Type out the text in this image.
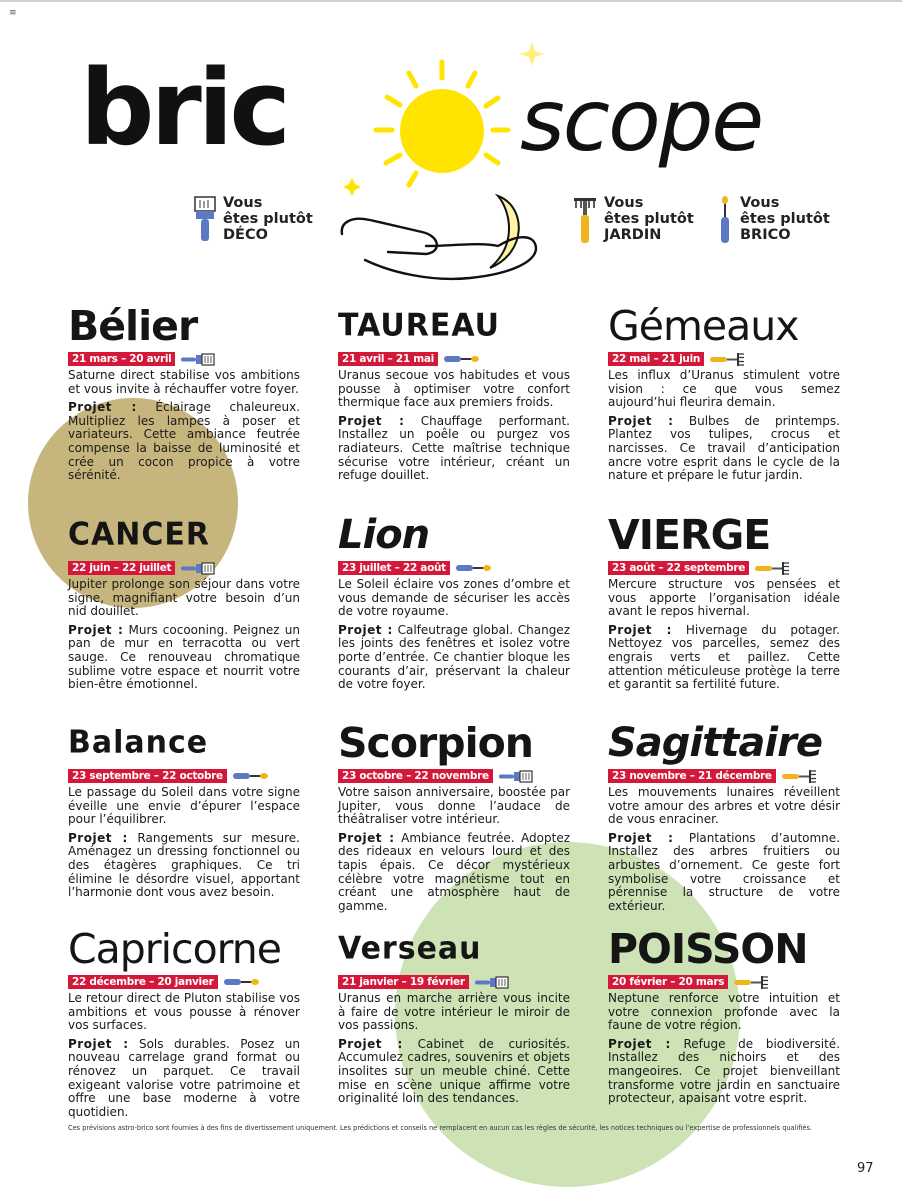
≡
bric	scope
Vous
êtes plutôt
DÉCO
Vous
êtes plutôt
JARDIN
Vous
êtes plutôt
BRICO
Bélier
21 mars – 20 avril

Saturne direct stabilise vos ambitions et vous invite à réchauffer votre foyer.

Projet : Éclairage chaleureux. Multipliez les lampes à poser et variateurs. Cette ambiance feutrée compense la baisse de luminosité et crée un cocon propice à votre sérénité.

TAUREAU
21 avril – 21 mai

Uranus secoue vos habitudes et vous pousse à optimiser votre confort thermique face aux premiers froids.

Projet : Chauffage performant. Installez un poêle ou purgez vos radiateurs. Cette maîtrise technique sécurise votre intérieur, créant un refuge douillet.

Gémeaux
22 mai – 21 juin

Les influx d’Uranus stimulent votre vision : ce que vous semez aujourd’hui fleurira demain.

Projet : Bulbes de printemps. Plantez vos tulipes, crocus et narcisses. Ce travail d’anticipation ancre votre esprit dans le cycle de la nature et prépare le futur jardin.

CANCER
22 juin – 22 juillet

Jupiter prolonge son séjour dans votre signe, magnifiant votre besoin d’un nid douillet.

Projet : Murs cocooning. Peignez un pan de mur en terracotta ou vert sauge. Ce renouveau chromatique sublime votre espace et nourrit votre bien-être émotionnel.

Lion
23 juillet – 22 août

Le Soleil éclaire vos zones d’ombre et vous demande de sécuriser les accès de votre royaume.

Projet : Calfeutrage global. Changez les joints des fenêtres et isolez votre porte d’entrée. Ce chantier bloque les courants d’air, préservant la chaleur de votre foyer.

VIERGE
23 août – 22 septembre

Mercure structure vos pensées et vous apporte l’organisation idéale avant le repos hivernal.

Projet : Hivernage du potager. Nettoyez vos parcelles, semez des engrais verts et paillez. Cette attention méticuleuse protège la terre et garantit sa fertilité future.

Balance
23 septembre – 22 octobre

Le passage du Soleil dans votre signe éveille une envie d’épurer l’espace pour l’équilibrer.

Projet : Rangements sur mesure. Aménagez un dressing fonctionnel ou des étagères graphiques. Ce tri élimine le désordre visuel, apportant l’harmonie dont vous avez besoin.

Scorpion
23 octobre – 22 novembre

Votre saison anniversaire, boostée par Jupiter, vous donne l’audace de théâtraliser votre intérieur.

Projet : Ambiance feutrée. Adoptez des rideaux en velours lourd et des tapis épais. Ce décor mystérieux célèbre votre magnétisme tout en créant une atmosphère haut de gamme.

Sagittaire
23 novembre – 21 décembre

Les mouvements lunaires réveillent votre amour des arbres et votre désir de vous enraciner.

Projet : Plantations d’automne. Installez des arbres fruitiers ou arbustes d’ornement. Ce geste fort symbolise votre croissance et pérennise la structure de votre extérieur.

Capricorne
22 décembre – 20 janvier

Le retour direct de Pluton stabilise vos ambitions et vous pousse à rénover vos surfaces.

Projet : Sols durables. Posez un nouveau carrelage grand format ou rénovez un parquet. Ce travail exigeant valorise votre patrimoine et offre une base moderne à votre quotidien.

Verseau
21 janvier – 19 février

Uranus en marche arrière vous incite à faire de votre intérieur le miroir de vos passions.

Projet : Cabinet de curiosités. Accumulez cadres, souvenirs et objets insolites sur un meuble chiné. Cette mise en scène unique affirme votre originalité loin des tendances.

POISSON
20 février – 20 mars

Neptune renforce votre intuition et votre connexion profonde avec la faune de votre région.

Projet : Refuge de biodiversité. Installez des nichoirs et des mangeoires. Ce projet bienveillant transforme votre jardin en sanctuaire protecteur, apaisant votre esprit.

Ces prévisions astro-brico sont fournies à des fins de divertissement uniquement. Les prédictions et conseils ne remplacent en aucun cas les règles de sécurité, les notices techniques ou l’expertise de professionnels qualifiés.
97
